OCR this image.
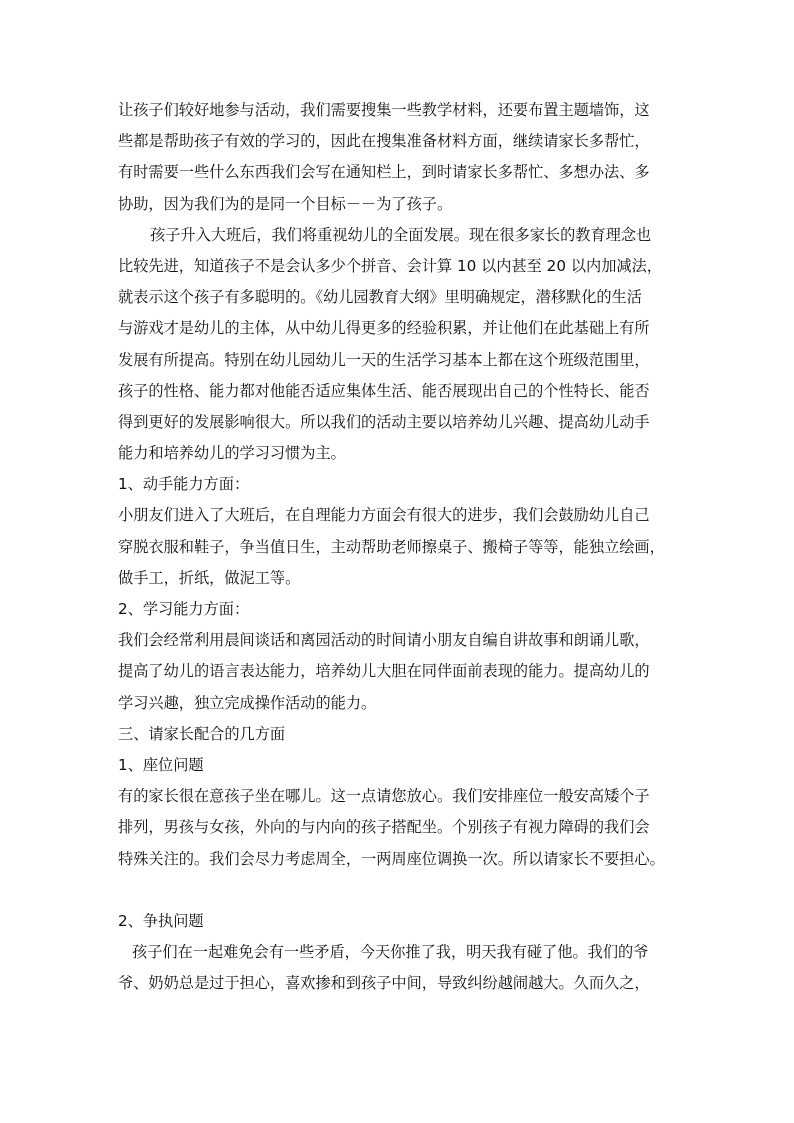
让孩子们较好地参与活动，我们需要搜集一些教学材料，还要布置主题墙饰，这
些都是帮助孩子有效的学习的，因此在搜集准备材料方面，继续请家长多帮忙，
有时需要一些什么东西我们会写在通知栏上，到时请家长多帮忙、多想办法、多
协助，因为我们为的是同一个目标－－为了孩子。
孩子升入大班后，我们将重视幼儿的全面发展。现在很多家长的教育理念也
比较先进，知道孩子不是会认多少个拼音、会计算 10 以内甚至 20 以内加减法，
就表示这个孩子有多聪明的。《幼儿园教育大纲》里明确规定，潜移默化的生活
与游戏才是幼儿的主体，从中幼儿得更多的经验积累，并让他们在此基础上有所
发展有所提高。特别在幼儿园幼儿一天的生活学习基本上都在这个班级范围里，
孩子的性格、能力都对他能否适应集体生活、能否展现出自己的个性特长、能否
得到更好的发展影响很大。所以我们的活动主要以培养幼儿兴趣、提高幼儿动手
能力和培养幼儿的学习习惯为主。
1、动手能力方面：
小朋友们进入了大班后，在自理能力方面会有很大的进步，我们会鼓励幼儿自己
穿脱衣服和鞋子，争当值日生，主动帮助老师擦桌子、搬椅子等等，能独立绘画，
做手工，折纸，做泥工等。
2、学习能力方面：
我们会经常利用晨间谈话和离园活动的时间请小朋友自编自讲故事和朗诵儿歌，
提高了幼儿的语言表达能力，培养幼儿大胆在同伴面前表现的能力。提高幼儿的
学习兴趣，独立完成操作活动的能力。
三、请家长配合的几方面
1、座位问题
有的家长很在意孩子坐在哪儿。这一点请您放心。我们安排座位一般安高矮个子
排列，男孩与女孩，外向的与内向的孩子搭配坐。个别孩子有视力障碍的我们会
特殊关注的。我们会尽力考虑周全，一两周座位调换一次。所以请家长不要担心。
2、争执问题
孩子们在一起难免会有一些矛盾，今天你推了我，明天我有碰了他。我们的爷
爷、奶奶总是过于担心，喜欢掺和到孩子中间，导致纠纷越闹越大。久而久之，
